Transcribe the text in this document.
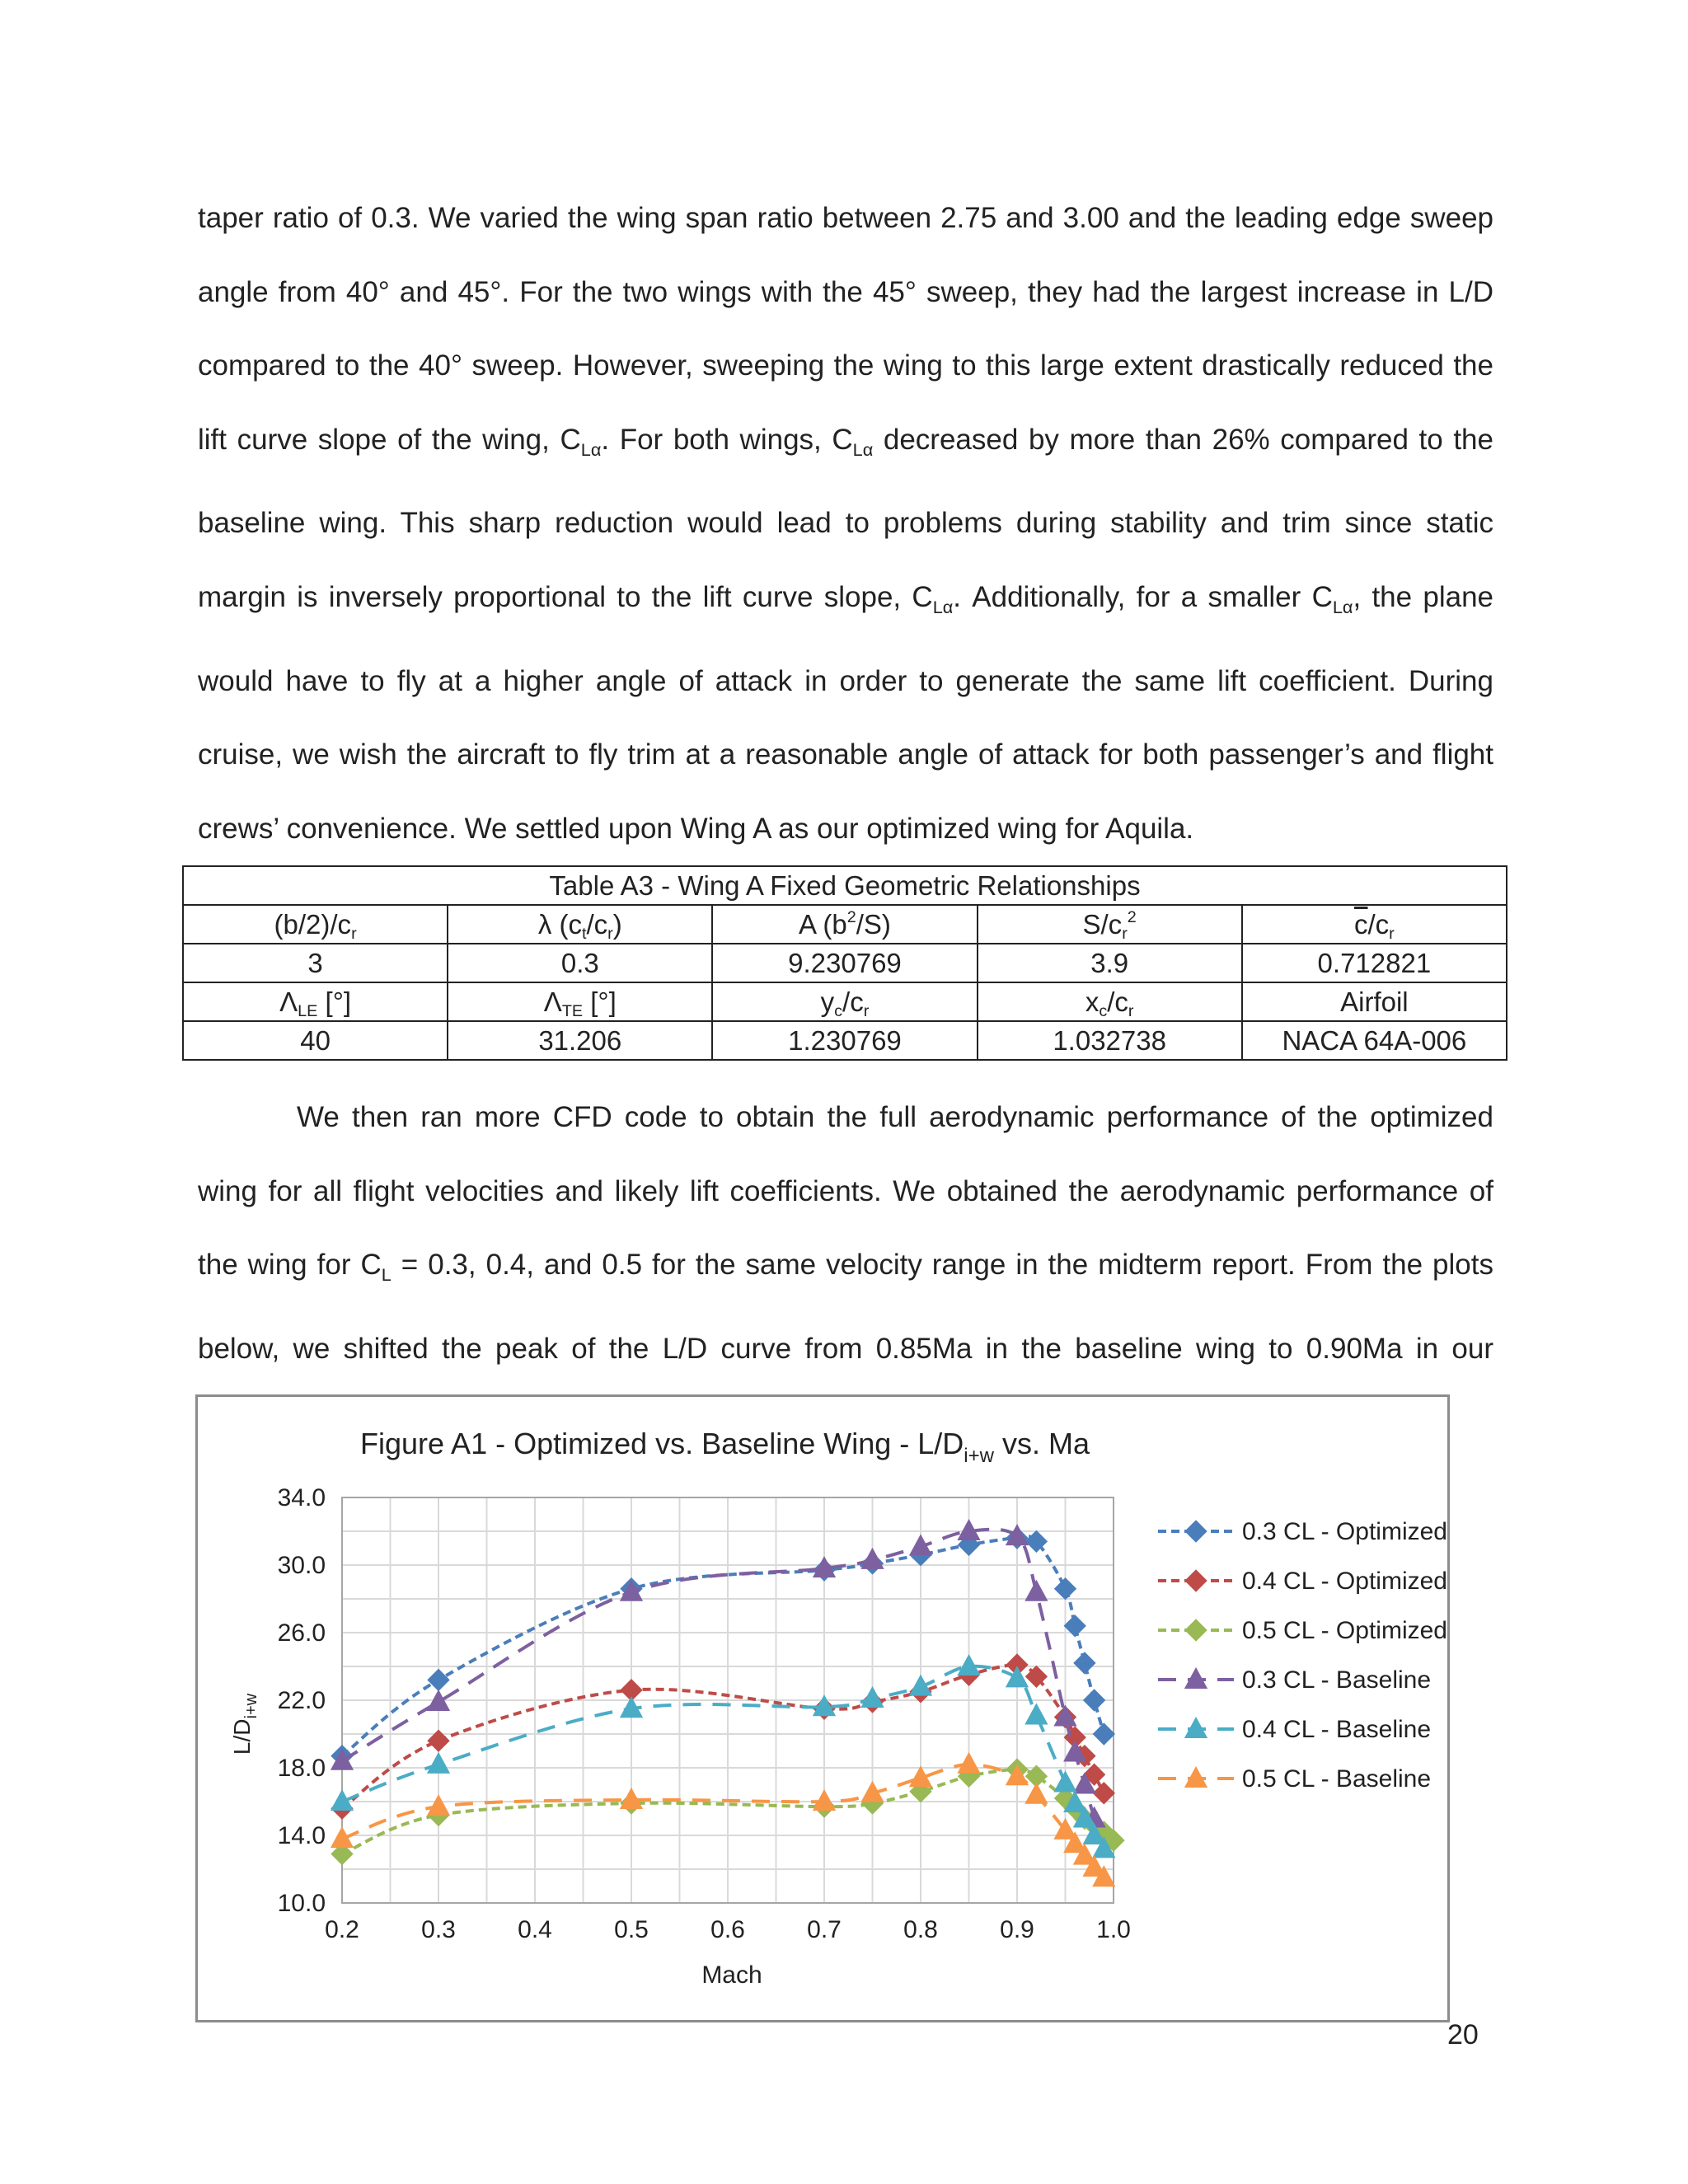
taper ratio of 0.3. We varied the wing span ratio between 2.75 and 3.00 and the leading edge sweep angle from 40° and 45°. For the two wings with the 45° sweep, they had the largest increase in L/D compared to the 40° sweep. However, sweeping the wing to this large extent drastically reduced the lift curve slope of the wing, $C_{L\alpha}$. For both wings, $C_{L\alpha}$ decreased by more than 26% compared to the baseline wing. This sharp reduction would lead to problems during stability and trim since static margin is inversely proportional to the lift curve slope, $C_{L\alpha}$. Additionally, for a smaller $C_{L\alpha}$, the plane would have to fly at a higher angle of attack in order to generate the same lift coefficient. During cruise, we wish the aircraft to fly trim at a reasonable angle of attack for both passenger’s and flight crews’ convenience. We settled upon Wing A as our optimized wing for Aquila.

Table A3 - Wing A Fixed Geometric Relationships				
$(b/2)/c_r$	λ $(c_t/c_r)$	A $(b^2/S)$	$S/c_r^2$	$\overline{c}/c_r$
3	0.3	9.230769	3.9	0.712821
$\Lambda_{LE}$ [°]	$\Lambda_{TE}$ [°]	$y_c/c_r$	$x_c/c_r$	Airfoil
40	31.206	1.230769	1.032738	NACA 64A-006

We then ran more CFD code to obtain the full aerodynamic performance of the optimized wing for all flight velocities and likely lift coefficients. We obtained the aerodynamic performance of the wing for $C_L = 0.3$, 0.4, and 0.5 for the same velocity range in the midterm report. From the plots below, we shifted the peak of the L/D curve from 0.85Ma in the baseline wing to 0.90Ma in our

0.2	0.3	0.4	0.5	0.6	0.7	0.8	0.9	1.0
10.0
14.0
18.0
22.0
26.0
30.0
34.0
0.3 CL - Optimized
0.4 CL - Optimized
0.5 CL - Optimized
0.3 CL - Baseline
0.4 CL - Baseline
0.5 CL - Baseline
Figure A1 - Optimized vs. Baseline Wing - $L/D_{i+w}$ vs. Ma
Mach
$L/D_{i+w}$
20
